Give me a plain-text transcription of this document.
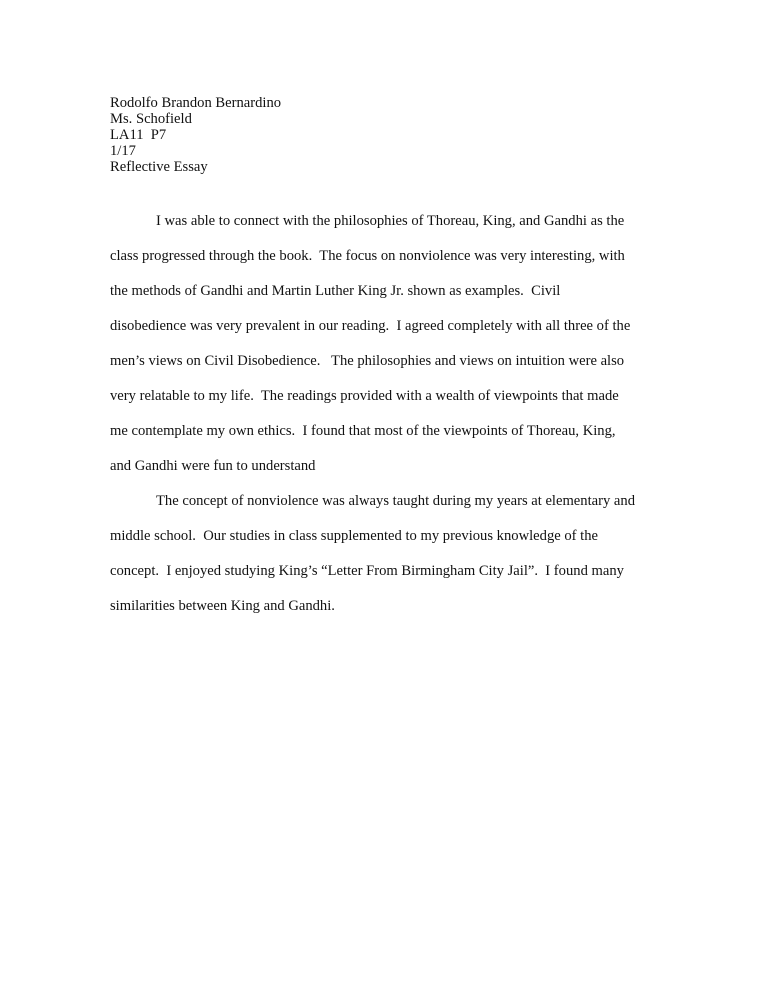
Rodolfo Brandon Bernardino
Ms. Schofield
LA11  P7
1/17
Reflective Essay
I was able to connect with the philosophies of Thoreau, King, and Gandhi as the
class progressed through the book.  The focus on nonviolence was very interesting, with
the methods of Gandhi and Martin Luther King Jr. shown as examples.  Civil
disobedience was very prevalent in our reading.  I agreed completely with all three of the
men’s views on Civil Disobedience.   The philosophies and views on intuition were also
very relatable to my life.  The readings provided with a wealth of viewpoints that made
me contemplate my own ethics.  I found that most of the viewpoints of Thoreau, King,
and Gandhi were fun to understand
The concept of nonviolence was always taught during my years at elementary and
middle school.  Our studies in class supplemented to my previous knowledge of the
concept.  I enjoyed studying King’s “Letter From Birmingham City Jail”.  I found many
similarities between King and Gandhi.
